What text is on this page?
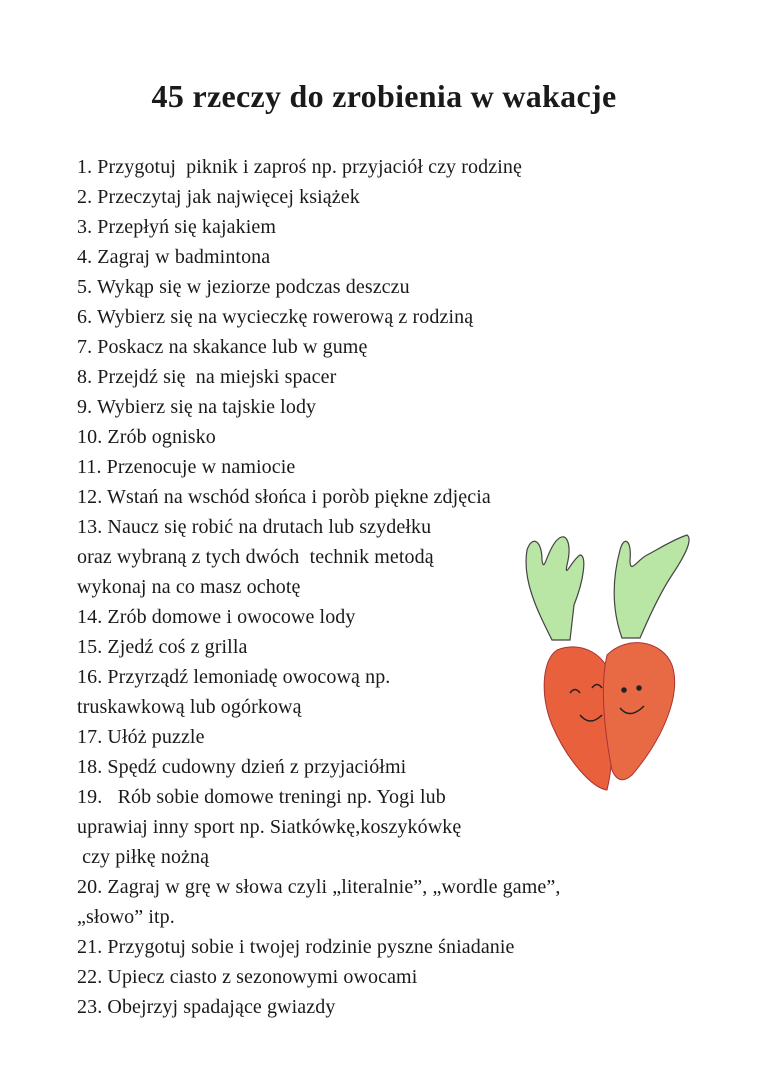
45 rzeczy do zrobienia w wakacje
1. Przygotuj  piknik i zaproś np. przyjaciół czy rodzinę
2. Przeczytaj jak najwięcej książek
3. Przepłyń się kajakiem
4. Zagraj w badmintona
5. Wykąp się w jeziorze podczas deszczu
6. Wybierz się na wycieczkę rowerową z rodziną
7. Poskacz na skakance lub w gumę
8. Przejdź się  na miejski spacer
9. Wybierz się na tajskie lody
10. Zrób ognisko
11. Przenocuje w namiocie
12. Wstań na wschód słońca i poròb piękne zdjęcia
13. Naucz się robić na drutach lub szydełku
oraz wybraną z tych dwóch  technik metodą
wykonaj na co masz ochotę
14. Zrób domowe i owocowe lody
15. Zjedź coś z grilla
16. Przyrządź lemoniadę owocową np.
truskawkową lub ogórkową
17. Ułóż puzzle
18. Spędź cudowny dzień z przyjaciółmi
19.   Rób sobie domowe treningi np. Yogi lub
uprawiaj inny sport np. Siatkówkę,koszykówkę
czy piłkę nożną
20. Zagraj w grę w słowa czyli „literalnie”, „wordle game”,
„słowo” itp.
21. Przygotuj sobie i twojej rodzinie pyszne śniadanie
22. Upiecz ciasto z sezonowymi owocami
23. Obejrzyj spadające gwiazdy
